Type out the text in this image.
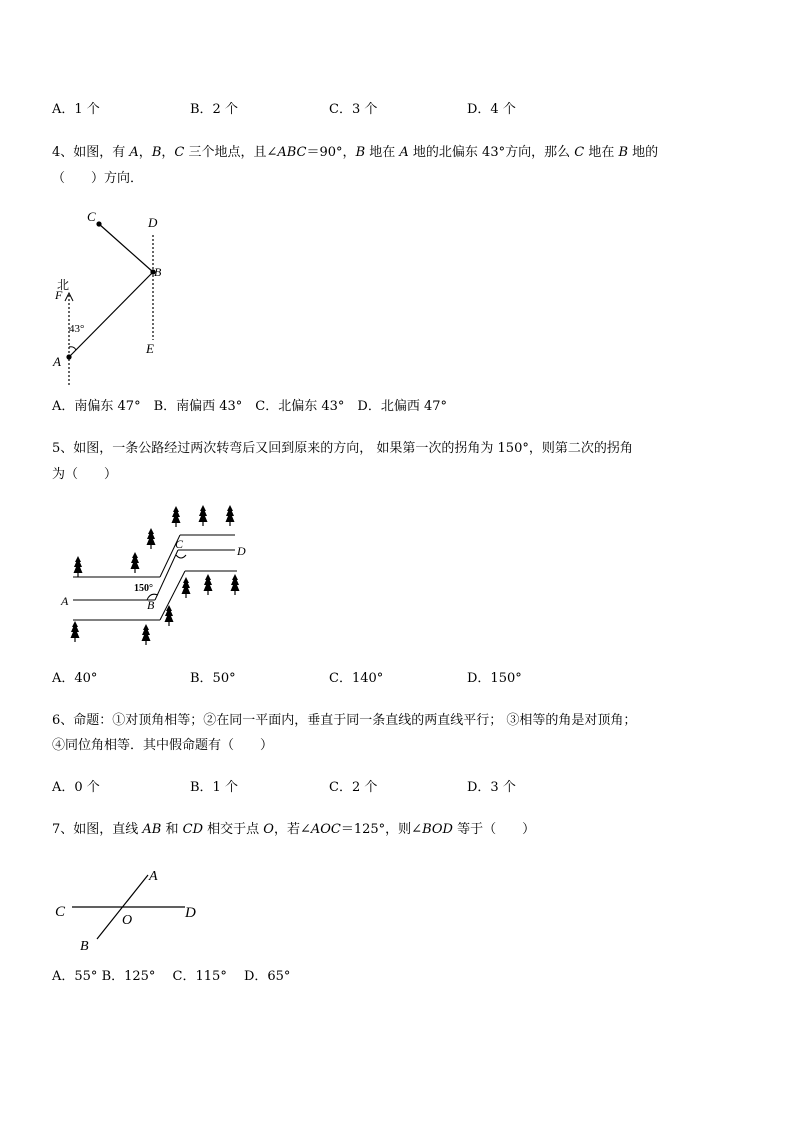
A．1 个	B．2 个	C．3 个	D．4 个
4、如图，有 A，B，C 三个地点，且∠ABC＝90°，B 地在 A 地的北偏东 43°方向，那么 C 地在 B 地的
（　　）方向．
C	D
B
北
F
43°
E
A
A．南偏东 47°　B．南偏西 43°　C．北偏东 43°　D．北偏西 47°
5、如图，一条公路经过两次转弯后又回到原来的方向， 如果第一次的拐角为 150°，则第二次的拐角
为（　　）
C	D
150°
A	B
A．40°	B．50°	C．140°	D．150°
6、命题：①对顶角相等；②在同一平面内，垂直于同一条直线的两直线平行； ③相等的角是对顶角；
④同位角相等．其中假命题有（　　）
A．0 个	B．1 个	C．2 个	D．3 个
7、如图，直线 AB 和 CD 相交于点 O，若∠AOC＝125°，则∠BOD 等于（　　）
A
C
O	D
B
A．55° B．125°　 C．115°　 D．65°
